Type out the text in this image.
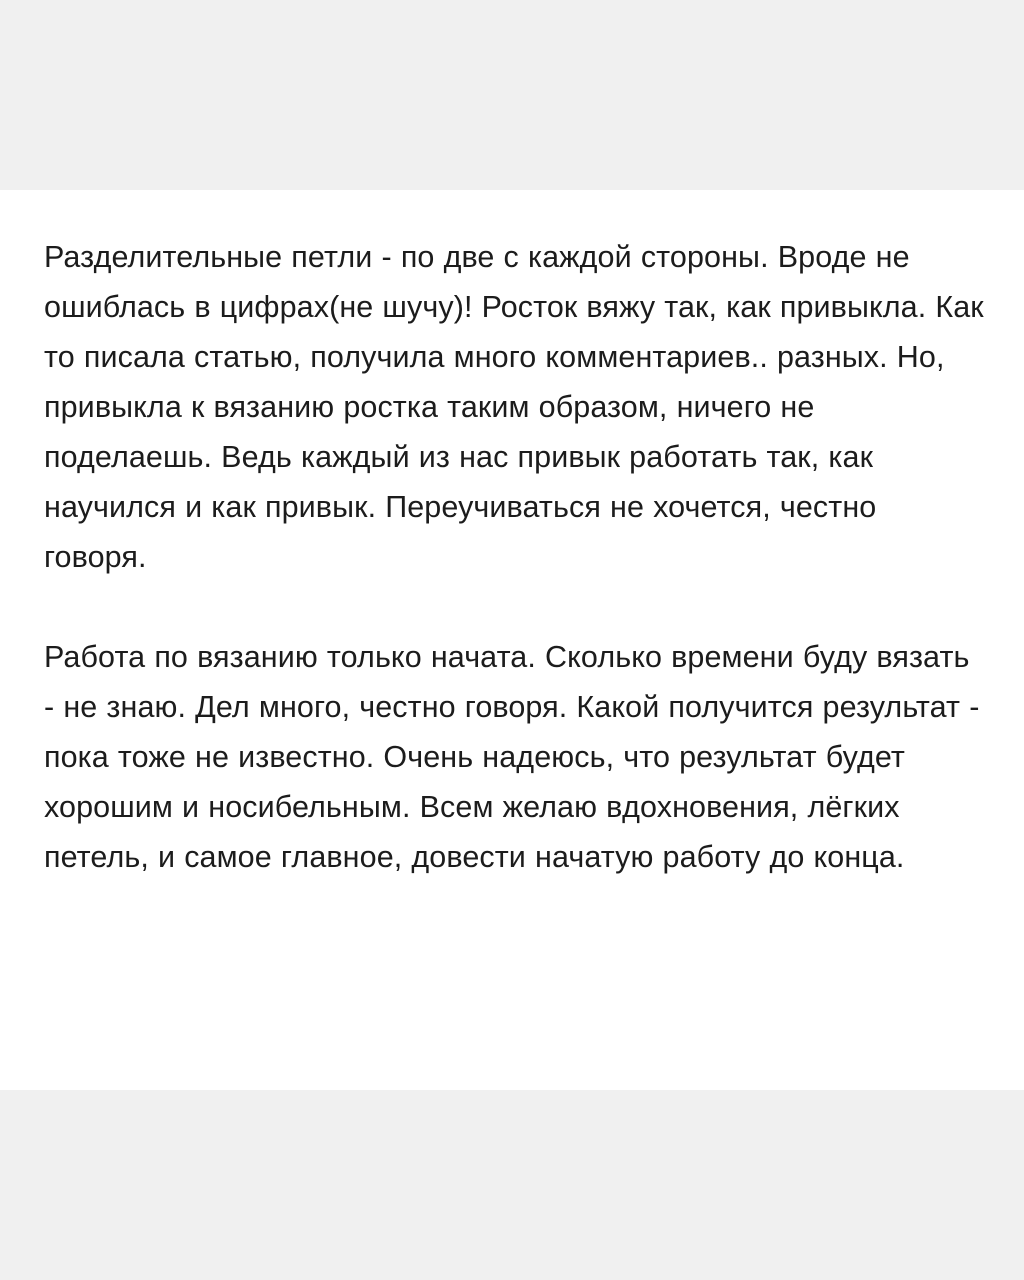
Разделительные петли - по две с каждой стороны. Вроде не ошиблась в цифрах(не шучу)! Росток вяжу так, как привыкла. Как то писала статью, получила много комментариев.. разных. Но, привыкла к вязанию ростка таким образом, ничего не поделаешь. Ведь каждый из нас привык работать так, как научился и как привык. Переучиваться не хочется, честно говоря.

Работа по вязанию только начата. Сколько времени буду вязать - не знаю. Дел много, честно говоря. Какой получится результат - пока тоже не известно. Очень надеюсь, что результат будет хорошим и носибельным. Всем желаю вдохновения, лёгких петель, и самое главное, довести начатую работу до конца.
